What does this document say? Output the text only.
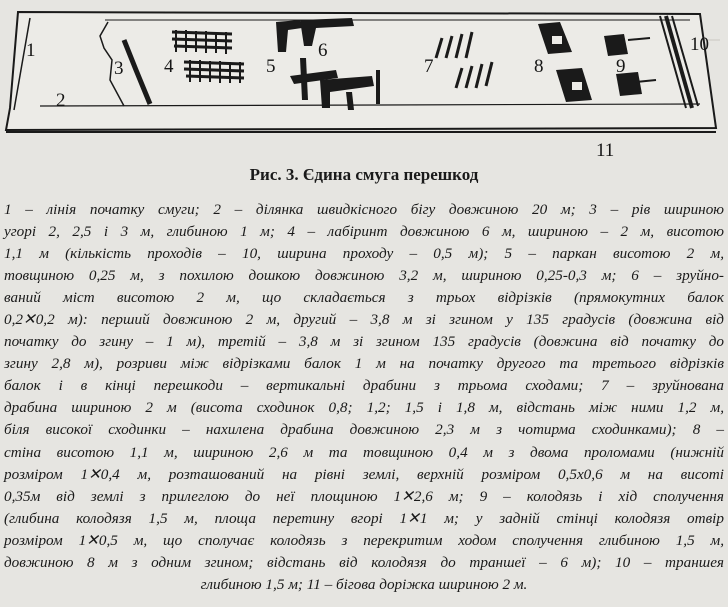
1
2
3 4	5
6
7	8	9
10
11
Рис. 3. Єдина смуга перешкод

1 – лінія початку смуги; 2 – ділянка швидкісного бігу довжиною 20 м; 3 – рів шириною
угорі 2, 2,5 і 3 м, глибиною 1 м; 4 – лабіринт довжиною 6 м, шириною – 2 м, висотою
1,1 м (кількість проходів – 10, ширина проходу – 0,5 м); 5 – паркан висотою 2 м,
товщиною 0,25 м, з похилою дошкою довжиною 3,2 м, шириною 0,25-0,3 м; 6 – зруйно-
ваний міст висотою 2 м, що складається з трьох відрізків (прямокутних балок
0,2✕0,2 м): перший довжиною 2 м, другий – 3,8 м зі згином у 135 градусів (довжина від
початку до згину – 1 м), третій – 3,8 м зі згином 135 градусів (довжина від початку до
згину 2,8 м), розриви між відрізками балок 1 м на початку другого та третього відрізків
балок і в кінці перешкоди – вертикальні драбини з трьома сходами; 7 – зруйнована
драбина шириною 2 м (висота сходинок 0,8; 1,2; 1,5 і 1,8 м, відстань між ними 1,2 м,
біля високої сходинки – нахилена драбина довжиною 2,3 м з чотирма сходинками); 8 –
стіна висотою 1,1 м, шириною 2,6 м та товщиною 0,4 м з двома проломами (нижній
розміром 1✕0,4 м, розташований на рівні землі, верхній розміром 0,5x0,6 м на висоті
0,35м від землі з прилеглою до неї площиною 1✕2,6 м; 9 – колодязь і хід сполучення
(глибина колодязя 1,5 м, площа перетину вгорі 1✕1 м; у задній стінці колодязя отвір
розміром 1✕0,5 м, що сполучає колодязь з перекритим ходом сполучення глибиною 1,5 м,
довжиною 8 м з одним згином; відстань від колодязя до траншеї – 6 м); 10 – траншея
глибиною 1,5 м; 11 – бігова доріжка шириною 2 м.
